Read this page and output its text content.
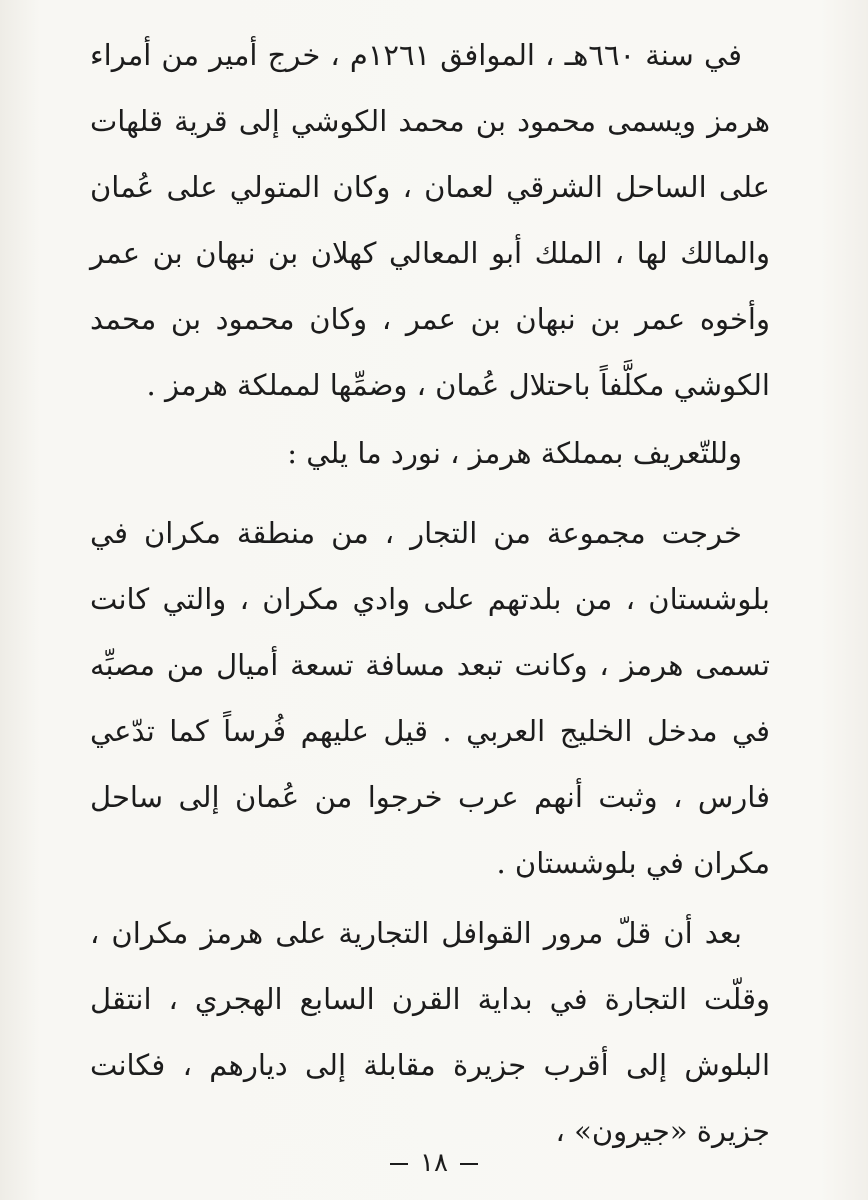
في سنة ٦٦٠هـ ، الموافق ١٢٦١م ، خرج أمير من أمراء هرمز ويسمى محمود بن محمد الكوشي إلى قرية قلهات على الساحل الشرقي لعمان ، وكان المتولي على عُمان والمالك لها ، الملك أبو المعالي كهلان بن نبهان بن عمر وأخوه عمر بن نبهان بن عمر ، وكان محمود بن محمد الكوشي مكلَّفاً باحتلال عُمان ، وضمِّها لمملكة هرمز .

وللتّعريف بمملكة هرمز ، نورد ما يلي :

خرجت مجموعة من التجار ، من منطقة مكران في بلوشستان ، من بلدتهم على وادي مكران ، والتي كانت تسمى هرمز ، وكانت تبعد مسافة تسعة أميال من مصبِّه في مدخل الخليج العربي . قيل عليهم فُرساً كما تدّعي فارس ، وثبت أنهم عرب خرجوا من عُمان إلى ساحل مكران في بلوشستان .

بعد أن قلّ مرور القوافل التجارية على هرمز مكران ، وقلّت التجارة في بداية القرن السابع الهجري ، انتقل البلوش إلى أقرب جزيرة مقابلة إلى ديارهم ، فكانت جزيرة «جيرون» ،

١٨
